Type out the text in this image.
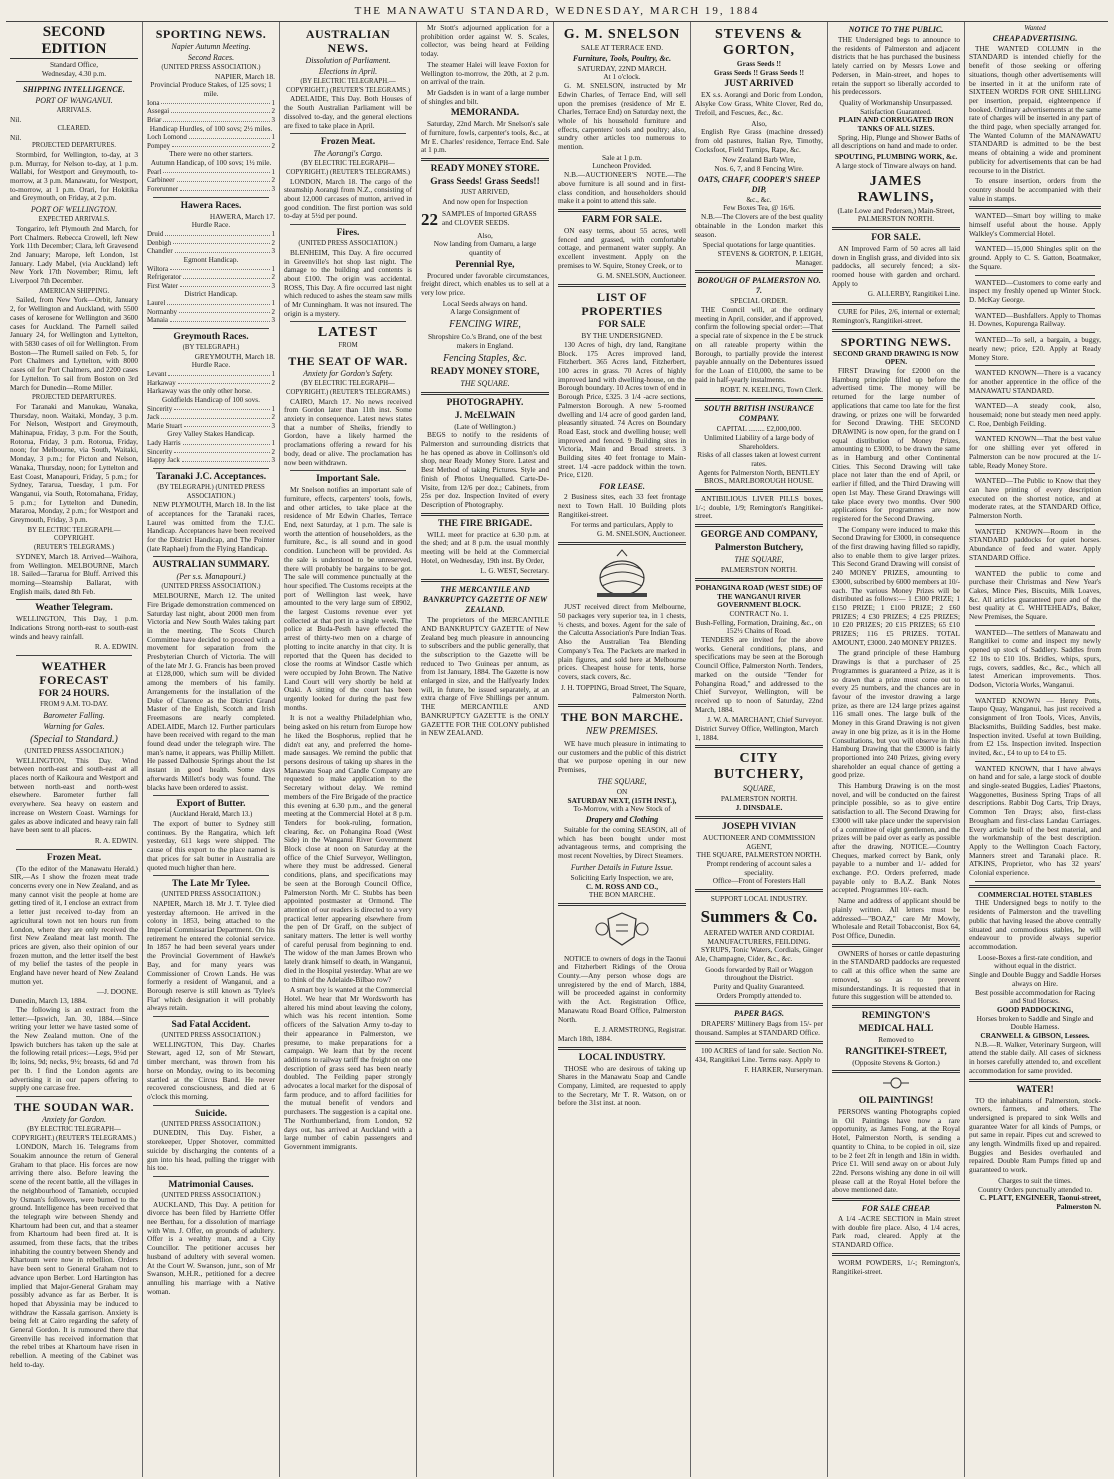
THE MANAWATU STANDARD, WEDNESDAY, MARCH 19, 1884
SECOND EDITION
Standard Office,
Wednesday, 4.30 p.m.
SHIPPING INTELLIGENCE.
PORT OF WANGANUI.
ARRIVALS.
Nil.
CLEARED.
Nil.
PROJECTED DEPARTURES.

Stormbird, for Wellington, to-day, at 3 p.m. Murray, for Nelson to-day, at 1 p.m. Wallabi, for Westport and Greymouth, to-morrow, at 3 p.m. Manawatu, for Westport, to-morrow, at 1 p.m. Orari, for Hokitika and Greymouth, on Friday, at 2 p.m.

PORT OF WELLINGTON.
EXPECTED ARRIVALS.

Tongariro, left Plymouth 2nd March, for Port Chalmers. Rebecca Crowell, left New York 11th December; Clara, left Gravesend 2nd January; Marope, left London, 1st January. Lady Mabel, (via Auckland) left New York 17th November; Rimu, left Liverpool 7th December.

AMERICAN SHIPPING.

Sailed, from New York—Orbit, January 2, for Wellington and Auckland, with 5500 cases of kerosene for Wellington and 3600 cases for Auckland. The Parnell sailed January 24, for Wellington and Lyttelton, with 5830 cases of oil for Wellington. From Boston—The Rumell sailed on Feb. 5, for Port Chalmers and Lyttelton, with 8000 cases oil for Port Chalmers, and 2200 cases for Lyttelton. To sail from Boston on 3rd March for Dunedin—Rome Miller.

PROJECTED DEPARTURES.

For Taranaki and Manukau, Wanaka, Thursday, noon. Waitaki, Monday, 3 p.m. For Nelson, Westport and Greymouth, Mahinapua, Friday, 3 p.m. For the South, Rotorua, Friday, 3 p.m. Rotorua, Friday, noon; for Melbourne, via South, Waitaki, Monday, 3 p.m.; for Picton and Nelson, Wanaka, Thursday, noon; for Lyttelton and East Coast, Manapouri, Friday, 5 p.m.; for Sydney, Tararua, Tuesday, 1 p.m. For Wanganui, via South, Rotomahana, Friday, 5 p.m.; for Lyttelton and Dunedin, Mararoa, Monday, 2 p.m.; for Westport and Greymouth, Friday, 3 p.m.

BY ELECTRIC TELEGRAPH.—COPYRIGHT.
(REUTER'S TELEGRAMS.)

SYDNEY, March 18. Arrived—Waihora, from Wellington. MELBOURNE, March 18. Sailed—Tararua for Bluff. Arrived this morning—Steamship Ballarat, with English mails, dated 8th Feb.

Weather Telegram.

WELLINGTON, This Day, 1 p.m. Indications Strong north-east to south-east winds and heavy rainfall.

R. A. EDWIN.
WEATHER FORECAST
FOR 24 HOURS.
FROM 9 A.M. TO-DAY.
Barometer Falling.
Warning for Gales.
(Special to Standard.)
(UNITED PRESS ASSOCIATION.)

WELLINGTON, This Day. Wind between north-east and south-east at all places north of Kaikoura and Westport and between north-east and north-west elsewhere. Barometer further fall everywhere. Sea heavy on eastern and increase on Western Coast. Warnings for gales as above indicated and heavy rain fall have been sent to all places.

R. A. EDWIN.
Frozen Meat.

(To the editor of the Manawatu Herald.) SIR,—As I show the frozen meat trade concerns every one in New Zealand, and as many cannot visit the people at home are getting tired of it, I enclose an extract from a letter just received to-day from an agricultural town not ten hours run from London, where they are only received the first New Zealand meat last month. The prices are given, also their opinion of our frozen mutton, and the letter itself the best of my belief the tastes of the people in England have never heard of New Zealand mutton yet.

—J. DOONE.
Dunedin, March 13, 1884.

The following is an extract from the letter:—Ipswich, Jan. 30, 1884.—Since writing your letter we have tasted some of the New Zealand mutton. One of the Ipswich butchers has taken up the sale at the following retail prices:—Legs, 9½d per lb; loins, 9d; necks, 9½; breasts, 6d and 7d per lb. I find the London agents are advertising it in our papers offering to supply one carcase free.

THE SOUDAN WAR.
Anxiety for Gordon.
(BY ELECTRIC TELEGRAPH—COPYRIGHT.) (REUTER'S TELEGRAMS.)

LONDON, March 16. Telegrams from Souakim announce the return of General Graham to that place. His forces are now arriving there also. Before leaving the scene of the recent battle, all the villages in the neighbourhood of Tamanieb, occupied by Osman's followers, were burned to the ground. Intelligence has been received that the telegraph wire between Shendy and Khartoum had been cut, and that a steamer from Khartoum had been fired at. It is assumed, from these facts, that the tribes inhabiting the country between Shendy and Khartoum were now in rebellion. Orders have been sent to General Graham not to advance upon Berber. Lord Hartington has implied that Major-General Graham may possibly advance as far as Berber. It is hoped that Abyssinia may be induced to withdraw the Kassala garrison. Anxiety is being felt at Cairo regarding the safety of General Gordon. It is rumoured there that Greenville has received information that the rebel tribes at Khartoum have risen in rebellion. A meeting of the Cabinet was held to-day.

SPORTING NEWS.
Napier Autumn Meeting.
Second Races.
(UNITED PRESS ASSOCIATION.)
NAPIER, March 18.
Provincial Produce Stakes, of 125 sovs; 1 mile.
Iona	1
Assegai	2
Briar	3
Handicap Hurdles, of 100 sovs; 2½ miles.
Loch Lomond	1
Pompey	2
There were no other starters.
Autumn Handicap, of 100 sovs; 1½ mile.
Pearl	1
Carbineer	2
Forerunner	3
Hawera Races.
HAWERA, March 17.
Hurdle Race.
Druid	1
Denbigh	2
Chandler	3
Egmont Handicap.
Wiltora	1
Refrigerator	2
First Water	3
District Handicap.
Laurel	1
Normanby	2
Manaia	3
Greymouth Races.
(BY TELEGRAPH.)
GREYMOUTH, March 18.
Hurdle Race.
Levant	1
Harkaway	2
Harkaway was the only other horse.
Goldfields Handicap of 100 sovs.
Sincerity	1
Jack	2
Marie Stuart	3
Grey Valley Stakes Handicap.
Lady Harris	1
Sincerity	2
Happy Jack	3
Taranaki J.C. Acceptances.
(BY TELEGRAPH.) (UNITED PRESS ASSOCIATION.)

NEW PLYMOUTH, March 18. In the list of acceptances for the Taranaki races, Laurel was omitted from the T.J.C. Handicap. Acceptances have been received for the District Handicap, and The Pointer (late Raphael) from the Flying Handicap.

AUSTRALIAN SUMMARY.
(Per s.s. Manapouri.)
(UNITED PRESS ASSOCIATION.)

MELBOURNE, March 12. The united Fire Brigade demonstration commenced on Saturday last night, about 2000 men from Victoria and New South Wales taking part in the meeting. The Scots Church Committee have decided to proceed with a movement for separation from the Presbyterian Church of Victoria. The will of the late Mr J. G. Francis has been proved at £128,000, which sum will be divided among the members of his family. Arrangements for the installation of the Duke of Clarence as the District Grand Master of the English, Scotch and Irish Freemasons are nearly completed. ADELAIDE, March 12. Further particulars have been received with regard to the man found dead under the telegraph wire. The man's name, it appears, was Phillip Millett. He passed Dalhousie Springs about the 1st instant in good health. Some days afterwards Millett's body was found. The blacks have been ordered to assist.

Export of Butter.
(Auckland Herald, March 13.)

The export of butter to Sydney still continues. By the Rangatira, which left yesterday, 611 kegs were shipped. The cause of this export to the place named is that prices for salt butter in Australia are quoted much higher than here.

The Late Mr Tylee.
(UNITED PRESS ASSOCIATION.)

NAPIER, March 18. Mr J. T. Tylee died yesterday afternoon. He arrived in the colony in 1853, being attached to the Imperial Commissariat Department. On his retirement he entered the colonial service. In 1857 he had been several years under the Provincial Government of Hawke's Bay, and for many years was Commissioner of Crown Lands. He was formerly a resident of Wanganui, and a Borough reserve is still known as 'Tylee's Flat' which designation it will probably always retain.

Sad Fatal Accident.
(UNITED PRESS ASSOCIATION.)

WELLINGTON, This Day. Charles Stewart, aged 12, son of Mr Stewart, timber merchant, was thrown from his horse on Monday, owing to its becoming startled at the Circus Band. He never recovered consciousness, and died at 6 o'clock this morning.

Suicide.
(UNITED PRESS ASSOCIATION.)

DUNEDIN, This Day. Fisher, a storekeeper, Upper Shotover, committed suicide by discharging the contents of a gun into his head, pulling the trigger with his toe.

Matrimonial Causes.
(UNITED PRESS ASSOCIATION.)

AUCKLAND, This Day. A petition for divorce has been filed by Harriette Offer nee Berthau, for a dissolution of marriage with Wm. J. Offer, on grounds of adultery. Offer is a wealthy man, and a City Councillor. The petitioner accuses her husband of adultery with several women. At the Court W. Swanson, junr., son of Mr Swanson, M.H.R., petitioned for a decree annulling his marriage with a Native woman.

AUSTRALIAN NEWS.
Dissolution of Parliament.
Elections in April.
(BY ELECTRIC TELEGRAPH.—COPYRIGHT.) (REUTER'S TELEGRAMS.)

ADELAIDE, This Day. Both Houses of the South Australian Parliament will be dissolved to-day, and the general elections are fixed to take place in April.

Frozen Meat.
The Aorangi's Cargo.
(BY ELECTRIC TELEGRAPH—COPYRIGHT.) (REUTER'S TELEGRAMS.)

LONDON, March 18. The cargo of the steamship Aorangi from N.Z., consisting of about 12,000 carcases of mutton, arrived in good condition. The first portion was sold to-day at 5½d per pound.

Fires.
(UNITED PRESS ASSOCIATION.)

BLENHEIM, This Day. A fire occurred in Greenville's hot shop last night. The damage to the building and contents is about £100. The origin was accidental. ROSS, This Day. A fire occurred last night which reduced to ashes the steam saw mills of Mr Cunningham. It was not insured. The origin is a mystery.

LATEST
FROM
THE SEAT OF WAR.
Anxiety for Gordon's Safety.
(BY ELECTRIC TELEGRAPH—COPYRIGHT.) (REUTER'S TELEGRAMS.)

CAIRO, March 17. No news received from Gordon later than 11th inst. Some anxiety in consequence. Latest news states that a number of Sheiks, friendly to Gordon, have a likely harmed the proclamations offering a reward for his body, dead or alive. The proclamation has now been withdrawn.

Important Sale.

Mr Snelson notifies an important sale of furniture, effects, carpenters' tools, fowls, and other articles, to take place at the residence of Mr Edwin Charles, Terrace End, next Saturday, at 1 p.m. The sale is worth the attention of householders, as the furniture, &c., is all sound and in good condition. Luncheon will be provided. As the sale is understood to be unreserved, there will probably be bargains to be got. The sale will commence punctually at the hour specified. The Customs receipts at the port of Wellington last week, have amounted to the very large sum of £8902, the largest Customs revenue ever yet collected at that port in a single week. The police at Buda-Pesth have effected the arrest of thirty-two men on a charge of plotting to incite anarchy in that city. It is reported that the Queen has decided to close the rooms at Windsor Castle which were occupied by John Brown. The Native Land Court will very shortly be held at Otaki. A sitting of the court has been urgently looked for during the past few months.

It is not a wealthy Philadelphian who, being asked on his return from Europe how he liked the Bosphorus, replied that he didn't eat any, and preferred the home-made sausages. We remind the public that persons desirous of taking up shares in the Manawatu Soap and Candle Company are requested to make application to the Secretary without delay. We remind members of the Fire Brigade of the practice this evening at 6.30 p.m., and the general meeting at the Commercial Hotel at 8 p.m. Tenders for book-ruling, formation, clearing, &c. on Pohangina Road (West Side) in the Wanganui River Government Block close at noon on Saturday at the office of the Chief Surveyor, Wellington, where they must be addressed. General conditions, plans, and specifications may be seen at the Borough Council Office, Palmerston North. Mr C. Stubbs has been appointed postmaster at Ormond. The attention of our readers is directed to a very practical letter appearing elsewhere from the pen of Dr Graff, on the subject of sanitary matters. The letter is well worthy of careful perusal from beginning to end. The widow of the man James Brown who lately drank himself to death, in Wanganui, died in the Hospital yesterday. What are we to think of the Adelaide-Bilbao row?

A smart boy is wanted at the Commercial Hotel. We hear that Mr Wordsworth has altered his mind about leaving the colony, which was his recent intention. Some officers of the Salvation Army to-day to their appearance in Palmerston, we presume, to make preparations for a campaign. We learn that by the recent additions to railway tariff the freight on one description of grass seed has been nearly doubled. The Feilding paper strongly advocates a local market for the disposal of farm produce, and to afford facilities for the mutual benefit of vendors and purchasers. The suggestion is a capital one. The Northumberland, from London, 92 days out, has arrived at Auckland with a large number of cabin passengers and Government immigrants.

Mr Stott's adjourned application for a prohibition order against W. S. Scales, collector, was being heard at Feilding today.

The steamer Halei will leave Foxton for Wellington to-morrow, the 20th, at 2 p.m. on arrival of the train.

Mr Gadsden is in want of a large number of shingles and bilt.

MEMORANDA.

Saturday, 22nd March. Mr Snelson's sale of furniture, fowls, carpenter's tools, &c., at Mr E. Charles' residence, Terrace End. Sale at 1 p.m.

READY MONEY STORE.
Grass Seeds! Grass Seeds!!
JUST ARRIVED,
And now open for Inspection
22 SAMPLES of Imported GRASS and CLOVER SEEDS.
Also,
Now landing from Oamaru, a large quantity of
Perennial Rye,

Procured under favorable circumstances, freight direct, which enables us to sell at a very low price.

Local Seeds always on hand.
A large Consignment of
FENCING WIRE,
Shropshire Co.'s Brand, one of the best makers in England.
Fencing Staples, &c.
READY MONEY STORE,
THE SQUARE.
PHOTOGRAPHY.
J. McELWAIN
(Late of Wellington.)

BEGS to notify to the residents of Palmerston and surrounding districts that he has opened as above in Collinson's old shop, near Ready Money Store. Latest and Best Method of taking Pictures. Style and finish of Photos Unequalled. Carte-De-Visite, from 12/6 per doz.; Cabinets, from 25s per doz. Inspection Invited of every Description of Photography.

THE FIRE BRIGADE.

WILL meet for practice at 6.30 p.m. at the shed; and at 8 p.m. the usual monthly meeting will be held at the Commercial Hotel, on Wednesday, 19th inst. By Order,

L. G. WEST, Secretary.
THE MERCANTILE AND BANKRUPTCY GAZETTE OF NEW ZEALAND.

The proprietors of the MERCANTILE AND BANKRUPTCY GAZETTE of New Zealand beg much pleasure in announcing to subscribers and the public generally, that the subscription to the Gazette will be reduced to Two Guineas per annum, as from 1st January, 1884. The Gazette is now enlarged in size, and the Halfyearly Index will, in future, be issued separately, at an extra charge of Five Shillings per annum. THE MERCANTILE AND BANKRUPTCY GAZETTE is the ONLY GAZETTE FOR THE COLONY published in NEW ZEALAND.

G. M. SNELSON
SALE AT TERRACE END.
Furniture, Tools, Poultry, &c.
SATURDAY, 22ND MARCH.
At 1 o'clock.

G. M. SNELSON, instructed by Mr Edwin Charles, of Terrace End, will sell upon the premises (residence of Mr E. Charles, Terrace End) on Saturday next, the whole of his household furniture and effects, carpenters' tools and poultry; also, sundry other articles too numerous to mention.

Sale at 1 p.m.
Luncheon Provided.

N.B.—AUCTIONEER'S NOTE.—The above furniture is all sound and in first-class condition, and householders should make it a point to attend this sale.

FARM FOR SALE.

ON easy terms, about 55 acres, well fenced and grassed, with comfortable cottage, and permanent water supply. An excellent investment. Apply on the premises to W. Squire, Stoney Creek, or to

G. M. SNELSON, Auctioneer.
LIST OF PROPERTIES
FOR SALE
BY THE UNDERSIGNED.

130 Acres of high, dry land, Rangitane Block. 175 Acres improved land, Fitzherbert. 365 Acres land, Fitzherbert, 100 acres in grass. 70 Acres of highly improved land with dwelling-house, on the Borough boundary. 10 Acres town of end in Borough Price, £325. 3 1/4 -acre sections, Palmerston Borough. A new 5-roomed dwelling and 1/4 acre of good garden land, pleasantly situated. 74 Acres on Boundary Road East, stock and dwelling house; well improved and fenced. 9 Building sites in Victoria, Main and Broad streets. 3 Building sites 40 feet frontage to Main-street. 1/4 -acre paddock within the town. Price, £120.

FOR LEASE.

2 Business sites, each 33 feet frontage next to Town Hall. 10 Building plots Rangitikei-street.

For terms and particulars, Apply to
G. M. SNELSON, Auctioneer.

JUST received direct from Melbourne, 50 packages very superior tea, in 1 chests, ½ chests, and boxes. Agent for the sale of the Calcutta Association's Pure Indian Teas. Also the Australian Tea Blending Company's Tea. The Packets are marked in plain figures, and sold here at Melbourne prices. Cheapest house for tents, horse covers, stack covers, &c.

J. H. TOPPING, Broad Street, The Square, Palmerston North.
THE BON MARCHE.
NEW PREMISES.

WE have much pleasure in intimating to our customers and the public of this district that we purpose opening in our new Premises,

THE SQUARE,
ON
SATURDAY NEXT, (15TH INST.),
To-Morrow, with a New Stock of
Drapery and Clothing

Suitable for the coming SEASON, all of which has been bought under most advantageous terms, and comprising the most recent Novelties, by Direct Steamers.

Further Details in Future Issue.
Soliciting Early Inspection, we are,
C. M. ROSS AND CO.,
THE BON MARCHE.

NOTICE to owners of dogs in the Taonui and Fitzherbert Ridings of the Oroua County.—Any person whose dogs are unregistered by the end of March, 1884, will be proceeded against in conformity with the Act. Registration Office, Manawatu Road Board Office, Palmerston North.

E. J. ARMSTRONG, Registrar.
March 18th, 1884.
LOCAL INDUSTRY.

THOSE who are desirous of taking up Shares in the Manawatu Soap and Candle Company, Limited, are requested to apply to the Secretary, Mr T. R. Watson, on or before the 31st inst. at noon.

STEVENS & GORTON,
Grass Seeds !!
Grass Seeds !! Grass Seeds !!
JUST ARRIVED

EX s.s. Aorangi and Doric from London, Alsyke Cow Grass, White Clover, Red do, Trefoil, and Fescues, &c., &c.

Also,

English Rye Grass (machine dressed) from old pastures, Italian Rye, Timothy, Cocksfoot, Field Turnips, Rape, &c.

New Zealand Barb Wire,
Nos. 6, 7, and 8 Fencing Wire.
OATS, CHAFF, COOPER'S SHEEP DIP,
&c., &c.
Few Boxes Tea, @ 16/6.

N.B.—The Clovers are of the best quality obtainable in the London market this season.

Special quotations for large quantities.
STEVENS & GORTON, P. LEIGH, Manager.
BOROUGH OF PALMERSTON NO. 7.
SPECIAL ORDER.

THE Council will, at the ordinary meeting in April, consider, and if approved, confirm the following special order:—That a special rate of sixpence in the £ be struck on all rateable property within the Borough, to partially provide the interest payable annually on the Debentures issued for the Loan of £10,000, the same to be paid in half-yearly instalments.

ROBT. N. KEELING, Town Clerk.
SOUTH BRITISH INSURANCE COMPANY.
CAPITAL ......... £2,000,000.
Unlimited Liability of a large body of Shareholders.
Risks of all classes taken at lowest current rates.
Agents for Palmerston North, BENTLEY BROS., MARLBOROUGH HOUSE.

ANTIBILIOUS LIVER PILLS boxes, 1/-; double, 1/9; Remington's Rangitikei-street.

GEORGE AND COMPANY,
Palmerston Butchery,
THE SQUARE,
PALMERSTON NORTH.
POHANGINA ROAD (WEST SIDE) OF THE WANGANUI RIVER GOVERNMENT BLOCK.
CONTRACT No. 1.
Bush-Felling, Formation, Draining, &c., on 152½ Chains of Road.

TENDERS are invited for the above works. General conditions, plans, and specifications may be seen at the Borough Council Office, Palmerston North. Tenders, marked on the outside "Tender for Pohangina Road," and addressed to the Chief Surveyor, Wellington, will be received up to noon of Saturday, 22nd March, 1884.

J. W. A. MARCHANT, Chief Surveyor.
District Survey Office, Wellington, March 1, 1884.
CITY BUTCHERY,
SQUARE,
PALMERSTON NORTH.
J. DINSDALE.
JOSEPH VIVIAN
AUCTIONEER AND COMMISSION AGENT,
THE SQUARE, PALMERSTON NORTH.
Prompt rendering of account sales a speciality.
Office—Front of Foresters Hall
SUPPORT LOCAL INDUSTRY.
Summers & Co.
AERATED WATER AND CORDIAL MANUFACTURERS, FEILDING.

SYRUPS, Tonic Waters, Cordials, Ginger Ale, Champagne, Cider, &c., &c.

Goods forwarded by Rail or Waggon throughout the District.
Purity and Quality Guaranteed.
Orders Promptly attended to.
PAPER BAGS.

DRAPERS' Millinery Bags from 15/- per thousand. Samples at STANDARD Office.

100 ACRES of land for sale. Section No. 434, Rangitikei Line. Terms easy. Apply to

F. HARKER, Nurseryman.
NOTICE TO THE PUBLIC.

THE Undersigned begs to announce to the residents of Palmerston and adjacent districts that he has purchased the business lately carried on by Messrs Lowe and Pedersen, in Main-street, and hopes to retain the support so liberally accorded to his predecessors.

Quality of Workmanship Unsurpassed.
Satisfaction Guaranteed.
PLAIN AND CORRUGATED IRON TANKS OF ALL SIZES.

Spring, Hip, Plunge and Shower Baths of all descriptions on hand and made to order.

SPOUTING, PLUMBING WORK, &c.
A large stock of Tinware always on hand.
JAMES RAWLINS,
(Late Lowe and Pedersen,) Main-Street, PALMERSTON NORTH.
FOR SALE.

AN Improved Farm of 50 acres all laid down in English grass, and divided into six paddocks, all securely fenced; a six-roomed house with garden and orchard. Apply to

G. ALLERBY, Rangitikei Line.

CURE for Piles, 2/6, internal or external; Remington's, Rangitikei-street.

SPORTING NEWS.
SECOND GRAND DRAWING IS NOW OPEN.

FIRST Drawing for £2000 on the Hamburg principle filled up before the advertised time. The money will be returned for the large number of applications that came too late for the first drawing, or prizes one will be forwarded for Second Drawing. THE SECOND DRAWING is now open, for the grand on I equal distribution of Money Prizes, amounting to £3000, to be drawn the same as in Hamburg and other Continental Cities. This Second Drawing will take place not later than the end of April, or earlier if filled, and the Third Drawing will open 1st May. These Grand Drawings will take place every two months. Over 900 applications for programmes are now registered for the Second Drawing.

The Company were induced to make this Second Drawing for £3000, in consequence of the first drawing having filled so rapidly, also to enable them to give larger prizes. This Second Grand Drawing will consist of 240 MONEY PRIZES, amounting to £3000, subscribed by 6000 members at 10/- each. The various Money Prizes will be distributed as follows:— 1 £300 PRIZE; 1 £150 PRIZE; 1 £100 PRIZE; 2 £60 PRIZES; 4 £30 PRIZES; 4 £25 PRIZES; 10 £20 PRIZES; 20 £15 PRIZES; 65 £10 PRIZES; 116 £5 PRIZES. TOTAL AMOUNT, £3000. 240 MONEY PRIZES.

The grand principle of these Hamburg Drawings is that a purchaser of 25 Programmes is guaranteed a Prize, as it is so drawn that a prize must come out to every 25 numbers, and the chances are in favour of the investor drawing a large prize, as there are 124 large prizes against 116 small ones. The large bulk of the Money in this Grand Drawing is not given away in one big prize, as it is in the Home Consultations, but you will observe in this Hamburg Drawing that the £3000 is fairly proportioned into 240 Prizes, giving every shareholder an equal chance of getting a good prize.

This Hamburg Drawing is on the most novel, and will be conducted on the fairest principle possible, so as to give entire satisfaction to all. The Second Drawing for £3000 will take place under the supervision of a committee of eight gentlemen, and the prizes will be paid over as early as possible after the drawing. NOTICE.—Country Cheques, marked correct by Bank, only payable to a number and 1/- added for exchange. P.O. Orders preferred, made payable only to B.A.Z. Bank Notes accepted. Programmes 10/- each.

Name and address of applicant should be plainly written. All letters must be addressed—"BOAZ," care Mr Mowly, Wholesale and Retail Tobacconist, Box 64, Post Office, Dunedin.

OWNERS of horses or cattle depasturing in the STANDARD paddocks are requested to call at this office when the same are removed, so as to prevent misunderstandings. It is requested that in future this suggestion will be attended to.

REMINGTON'S
MEDICAL HALL
Removed to
RANGITIKEI-STREET,
(Opposite Stevens & Gorton.)
OIL PAINTINGS!

PERSONS wanting Photographs copied in Oil Paintings have now a rare opportunity, as James Fong, at the Royal Hotel, Palmerston North, is sending a quantity to China, to be copied in oil, size to be 2 feet 2ft in length and 18in in width. Price £1. Will send away on or about July 22nd. Persons wishing any done in oil will please call at the Royal Hotel before the above mentioned date.

FOR SALE CHEAP.

A 1/4 -ACRE SECTION in Main street with double fire place. Also, 4 1/4 acres, Park road, cleared. Apply at the STANDARD Office.

WORM POWDERS, 1/-; Remington's, Rangitikei-street.

Wanted
CHEAP ADVERTISING.

THE WANTED COLUMN in the STANDARD is intended chiefly for the benefit of those seeking or offering situations, though other advertisements will be inserted in it at the uniform rate of SIXTEEN WORDS FOR ONE SHILLING per insertion, prepaid, eighteenpence if booked. Ordinary advertisements at the same rate of charges will be inserted in any part of the third page, when specially arranged for. The Wanted Column of the MANAWATU STANDARD is admitted to be the best means of obtaining a wide and prominent publicity for advertisements that can be had recourse to in the District.

To ensure insertion, orders from the country should be accompanied with their value in stamps.

WANTED—Smart boy willing to make himself useful about the house. Apply Walkley's Commercial Hotel.

WANTED—15,000 Shingles split on the ground. Apply to C. S. Gatton, Boatmaker, the Square.

WANTED—Customers to come early and inspect my freshly opened up Winter Stock. D. McKay George.

WANTED—Bushfallers. Apply to Thomas H. Downes, Kopurenga Railway.

WANTED—To sell, a bargain, a buggy, nearly new; price, £20. Apply at Ready Money Store.

WANTED KNOWN—There is a vacancy for another apprentice in the office of the MANAWATU STANDARD.

WANTED—A steady cook, also, housemaid; none but steady men need apply. C. Roe, Denbigh Feilding.

WANTED KNOWN—That the best value for one shilling ever yet offered in Palmerston can be now procured at the 1/- table, Ready Money Store.

WANTED—The Public to Know that they can have printing of every description executed on the shortest notice, and at moderate rates, at the STANDARD Office, Palmerston North.

WANTED KNOWN—Room in the STANDARD paddocks for quiet horses. Abundance of feed and water. Apply STANDARD Office.

WANTED the public to come and purchase their Christmas and New Year's Cakes, Mince Pies, Biscuits, Milk Loaves, &c. All articles guaranteed pure and of the best quality at C. WHITEHEAD's, Baker, New Premises, the Square.

WANTED—The settlers of Manawatu and Rangitikei to come and inspect my newly opened up stock of Saddlery. Saddles from £2 10s to £10 10s. Bridles, whips, spurs, rugs, covers, saddles, &c., &c., which all latest American improvements. Thos. Dodson, Victoria Works, Wanganui.

WANTED KNOWN — Henry Potts, Taupo Quay, Wanganui, has just received a consignment of Iron Tools, Vices, Anvils, Blacksmiths, Building Saddles, best make. Inspection invited. Useful at town Building, from £2 15s. Inspection invited. Inspection invited, &c., £4 to up to £4 to £5.

WANTED KNOWN, that I have always on hand and for sale, a large stock of double and single-seated Buggies, Ladies' Phaetons, Waggonettes, Business Spring Traps of all descriptions. Rabbit Dog Carts, Trip Drays, Common Ten Drays; also, first-class Brougham and first-class Landau Carriages. Every article built of the best material, and the workmanship of the best description. Apply to the Wellington Coach Factory, Manners street and Taranaki place. R. ATKINS, Proprietor, who has 32 years' Colonial experience.

COMMERCIAL HOTEL STABLES

THE Undersigned begs to notify to the residents of Palmerston and the travelling public that having leased the above centrally situated and commodious stables, he will endeavour to provide always superior accommodation.

Loose-Boxes a first-rate condition, and without equal in the district.
Single and Double Buggy and Saddle Horses always on Hire.
Best possible accommodation for Racing and Stud Horses.
GOOD PADDOCKING,
Horses broken to Saddle and Single and Double Harness.
CRANWELL & GIBSON, Lessees.

N.B.—R. Walker, Veterinary Surgeon, will attend the stable daily. All cases of sickness in horses carefully attended to, and excellent accommodation for same provided.

WATER!

TO the inhabitants of Palmerston, stock-owners, farmers, and others. The undersigned is prepared to sink Wells and guarantee Water for all kinds of Pumps, or put same in repair. Pipes cut and screwed to any length. Windmills fixed up and repaired. Buggies and Besides overhauled and repaired. Double Ram Pumps fitted up and guaranteed to work.

Charges to suit the times.
Country Orders punctually attended to.
C. PLATT, ENGINEER, Taonui-street, Palmerston N.
